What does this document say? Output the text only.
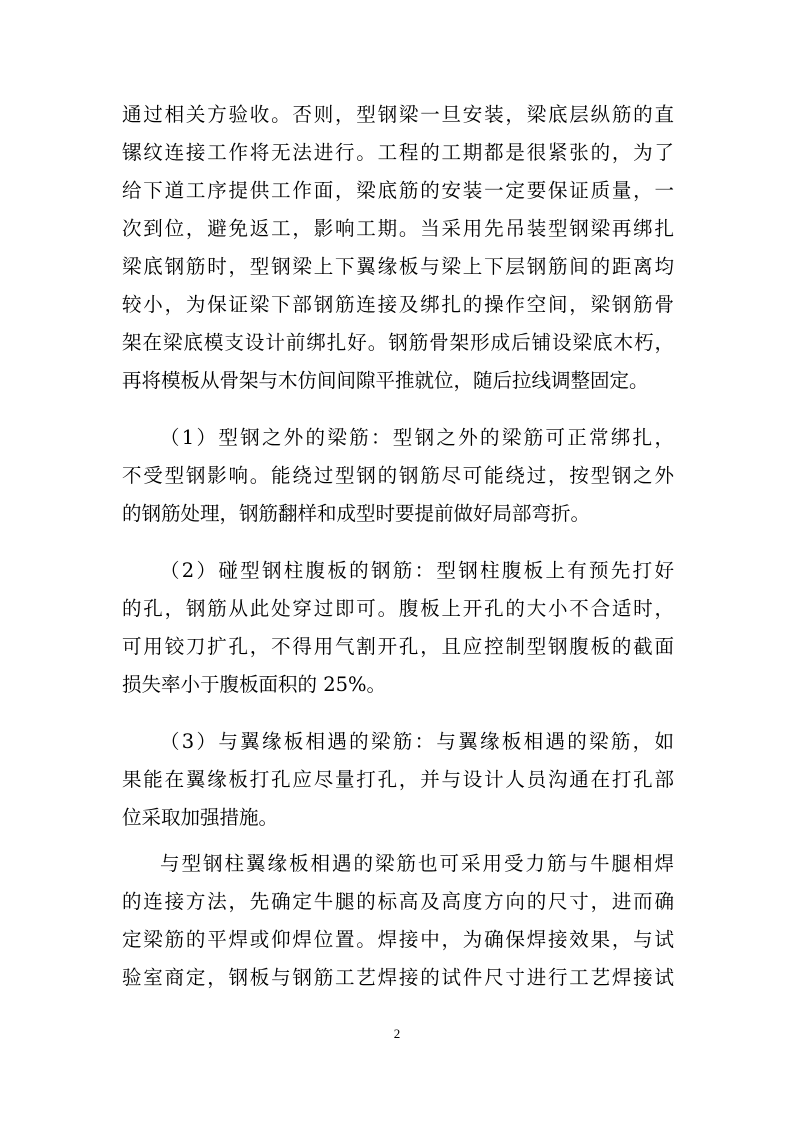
通过相关方验收。否则，型钢梁一旦安装，梁底层纵筋的直
镙纹连接工作将无法进行。工程的工期都是很紧张的，为了
给下道工序提供工作面，梁底筋的安装一定要保证质量，一
次到位，避免返工，影响工期。当采用先吊装型钢梁再绑扎
梁底钢筋时，型钢梁上下翼缘板与梁上下层钢筋间的距离均
较小，为保证梁下部钢筋连接及绑扎的操作空间，梁钢筋骨
架在梁底模支设计前绑扎好。钢筋骨架形成后铺设梁底木朽，
再将模板从骨架与木仿间间隙平推就位，随后拉线调整固定。
（1）型钢之外的梁筋：型钢之外的梁筋可正常绑扎，
不受型钢影响。能绕过型钢的钢筋尽可能绕过，按型钢之外
的钢筋处理，钢筋翻样和成型时要提前做好局部弯折。
（2）碰型钢柱腹板的钢筋：型钢柱腹板上有预先打好
的孔，钢筋从此处穿过即可。腹板上开孔的大小不合适时，
可用铰刀扩孔，不得用气割开孔，且应控制型钢腹板的截面
损失率小于腹板面积的 25%。
（3）与翼缘板相遇的梁筋：与翼缘板相遇的梁筋，如
果能在翼缘板打孔应尽量打孔，并与设计人员沟通在打孔部
位采取加强措施。
与型钢柱翼缘板相遇的梁筋也可采用受力筋与牛腿相焊
的连接方法，先确定牛腿的标高及高度方向的尺寸，进而确
定梁筋的平焊或仰焊位置。焊接中，为确保焊接效果，与试
验室商定，钢板与钢筋工艺焊接的试件尺寸进行工艺焊接试
2
